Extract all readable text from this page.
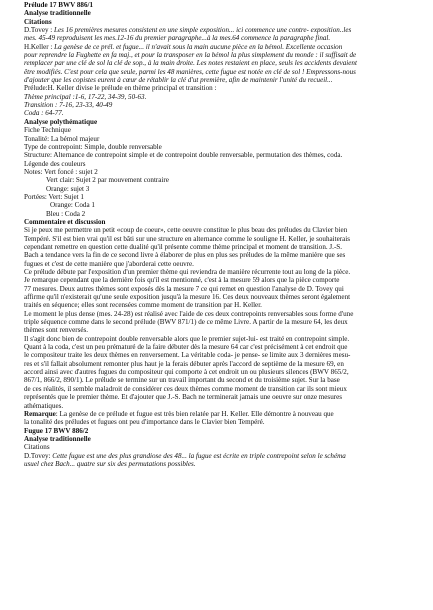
Prélude 17 BWV 886/1
Analyse traditionnelle
Citations
D.Tovey : Les 16 premières mesures consistent en une simple exposition... ici commence une contre- exposition..les
mes. 45-49 reproduisent les mes.12-16 du premier paragraphe...à la mes.64 commence la paragraphe final.
H.Keller : La genèse de ce prél. et fugue... il n'avait sous la main aucune pièce en la bémol. Excellente occasion
pour reprendre la Fughette en fa maj., et pour la transposer en la bémol la plus simplement du monde : il suffisait de
remplacer par une clé de sol la clé de sop., à la main droite. Les notes restaient en place, seuls les accidents devaient
être modifiés. C'est pour cela que seule, parmi les 48 manières, cette fugue est notée en clé de sol ! Empressons-nous
d'ajouter que les copistes eurent à cœur de rétablir la clé d'ut première, afin de maintenir l'unité du recueil...
Prélude:H. Keller divise le prélude en thème principal et transition :
Thème principal :1-6, 17-22, 34-39, 50-63.
Transition : 7-16, 23-33, 40-49
Coda : 64-77.
Analyse polythématique
Fiche Technique
Tonalité: La bémol majeur
Type de contrepoint: Simple, double renversable
Structure: Alternance de contrepoint simple et de contrepoint double renversable, permutation des thèmes, coda.
Légende des couleurs
Notes: Vert foncé : sujet 2
Vert clair: Sujet 2 par mouvement contraire
Orange: sujet 3
Portées: Vert: Sujet 1
Orange: Coda 1
Bleu : Coda 2
Commentaire et discussion
Si je peux me permettre un petit «coup de coeur», cette oeuvre constitue le plus beau des préludes du Clavier bien
Tempéré. S'il est bien vrai qu'il est bâti sur une structure en alternance comme le souligne H. Keller, je souhaiterais
cependant remettre en question cette dualité qu'il présente comme thème principal et moment de transition. J.-S.
Bach a tendance vers la fin de ce second livre à élaborer de plus en plus ses préludes de la même manière que ses
fugues et c'est de cette manière que j'aborderai cette oeuvre.
Ce prélude débute par l'exposition d'un premier thème qui reviendra de manière récurrente tout au long de la pièce.
Je remarque cependant que la dernière fois qu'il est mentionné, c'est à la mesure 59 alors que la pièce comporte
77 mesures. Deux autres thèmes sont exposés dès la mesure 7 ce qui remet en question l'analyse de D. Tovey qui
affirme qu'il n'existerait qu'une seule exposition jusqu'à la mesure 16. Ces deux nouveaux thèmes seront également
traités en séquence; elles sont recensées comme moment de transition par H. Keller.
Le moment le plus dense (mes. 24-28) est réalisé avec l'aide de ces deux contrepoints renversables sous forme d'une
triple séquence comme dans le second prélude (BWV 871/1) de ce même Livre. A partir de la mesure 64, les deux
thèmes sont renversés.
Il s'agit donc bien de contrepoint double renversable alors que le premier sujet-lui- est traité en contrepoint simple.
Quant à la coda, c'est un peu prématuré de la faire débuter dès la mesure 64 car c'est précisément à cet endroit que
le compositeur traite les deux thèmes en renversement. La véritable coda- je pense- se limite aux 3 dernières mesu-
res et s'il fallait absolument remonter plus haut je la ferais débuter après l'accord de septième de la mesure 69, en
accord ainsi avec d'autres fugues du compositeur qui comporte à cet endroit un ou plusieurs silences (BWV 865/2,
867/1, 866/2, 890/1). Le prélude se termine sur un travail important du second et du troisième sujet. Sur la base
de ces réalités, il semble maladroit de considérer ces deux thèmes comme moment de transition car ils sont mieux
représentés que le premier thème. Et d'ajouter que J.-S. Bach ne terminerait jamais une oeuvre sur onze mesures
athématiques.
Remarque: La genèse de ce prélude et fugue est très bien relatée par H. Keller. Elle démontre à nouveau que
la tonalité des préludes et fugues ont peu d'importance dans le Clavier bien Tempéré.
Fugue 17 BWV 886/2
Analyse traditionnelle
Citations
D.Tovey: Cette fugue est une des plus grandiose des 48... la fugue est écrite en triple contrepoint selon le schéma
usuel chez Bach... quatre sur six des permutations possibles.
